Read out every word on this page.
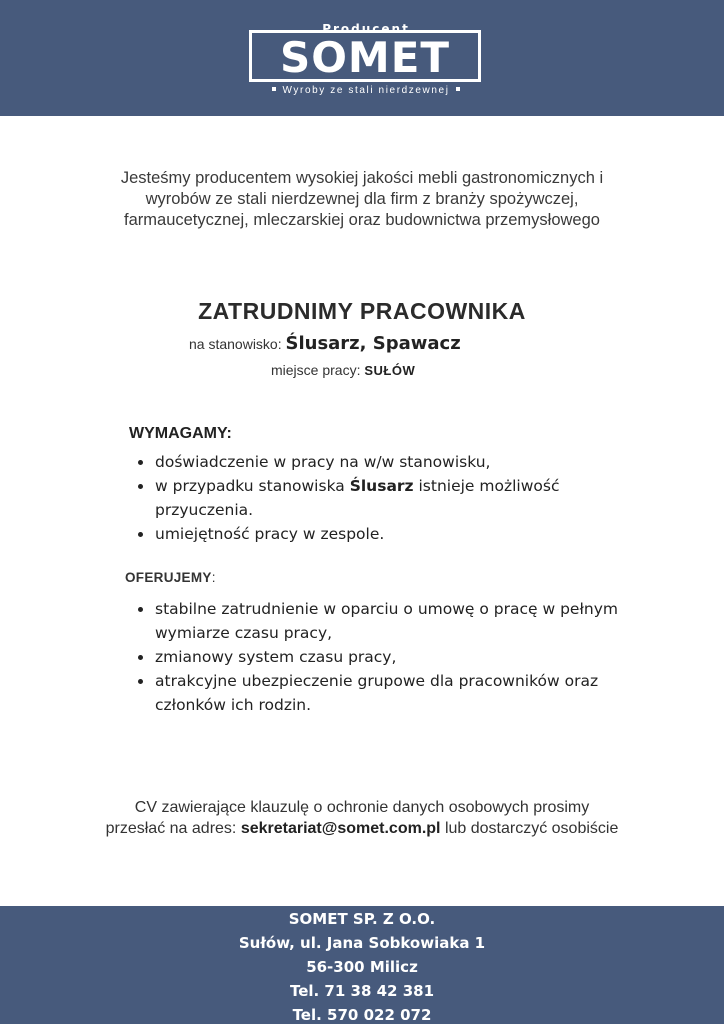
Producent
SOMET
Wyroby ze stali nierdzewnej
Jesteśmy producentem wysokiej jakości mebli gastronomicznych i
wyrobów ze stali nierdzewnej dla firm z branży spożywczej,
farmaucetycznej, mleczarskiej oraz budownictwa przemysłowego
ZATRUDNIMY PRACOWNIKA
na stanowisko: Ślusarz, Spawacz
miejsce pracy: SUŁÓW
WYMAGAMY:
doświadczenie w pracy na w/w stanowisku,
w przypadku stanowiska Ślusarz istnieje możliwość przyuczenia.
umiejętność pracy w zespole.
OFERUJEMY:
stabilne zatrudnienie w oparciu o umowę o pracę w pełnym wymiarze czasu pracy,
zmianowy system czasu pracy,
atrakcyjne ubezpieczenie grupowe dla pracowników oraz członków ich rodzin.
CV zawierające klauzulę o ochronie danych osobowych prosimy
przesłać na adres: sekretariat@somet.com.pl lub dostarczyć osobiście
SOMET SP. Z O.O.
Sułów, ul. Jana Sobkowiaka 1
56-300 Milicz
Tel. 71 38 42 381
Tel. 570 022 072
